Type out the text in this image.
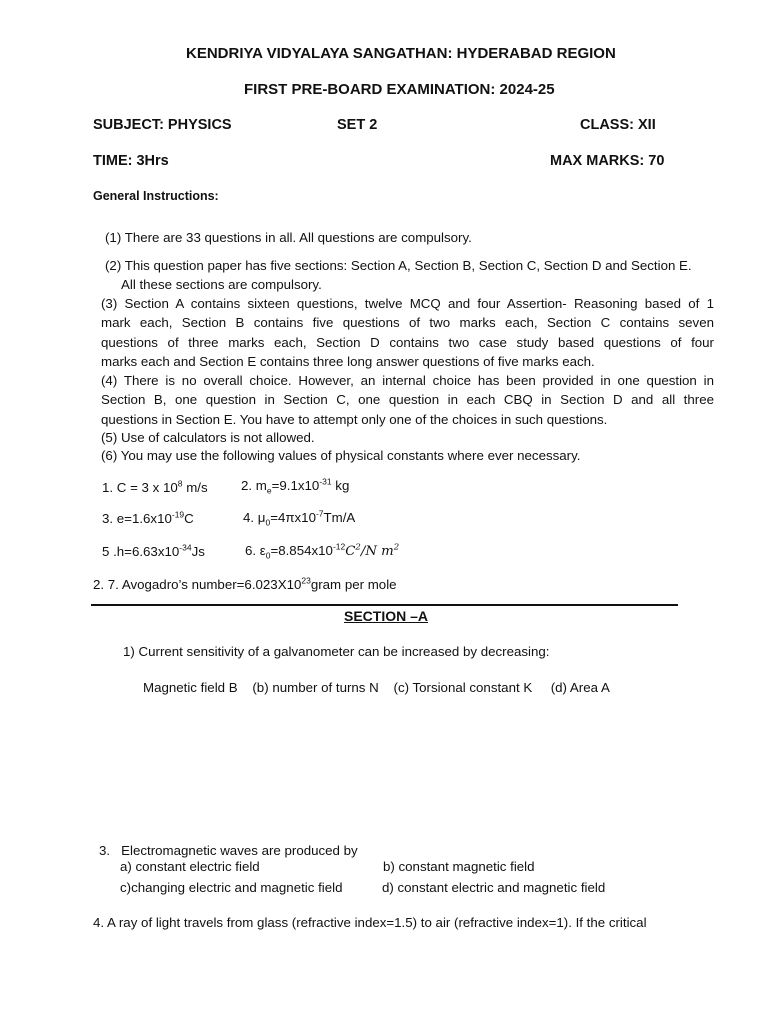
KENDRIYA VIDYALAYA SANGATHAN: HYDERABAD REGION
FIRST PRE-BOARD EXAMINATION: 2024-25
SUBJECT: PHYSICS	SET 2	CLASS: XII
TIME: 3Hrs	MAX MARKS: 70
General Instructions:
(1) There are 33 questions in all. All questions are compulsory.
(2) This question paper has five sections: Section A, Section B, Section C, Section D and Section E.
All these sections are compulsory.
(3) Section A contains sixteen questions, twelve MCQ and four Assertion- Reasoning based of 1
mark each, Section B contains five questions of two marks each, Section C contains seven
questions of three marks each, Section D contains two case study based questions of four
marks each and Section E contains three long answer questions of five marks each.
(4) There is no overall choice. However, an internal choice has been provided in one question in
Section B, one question in Section C, one question in each CBQ in Section D and all three
questions in Section E. You have to attempt only one of the choices in such questions.
(5) Use of calculators is not allowed.
(6) You may use the following values of physical constants where ever necessary.
1. C = 3 x $10^8$ m/s	2. $m_e=9.1x10^{-31}$ kg
3. $e=1.6x10^{-19}C$	4. $\mu_0=4\pi x10^{-7}Tm/A$
5 $.h=6.63x10^{-34}Js$	6. $\varepsilon_0=8.854x10^{-12}C^2/N$ $m^2$
2. 7. Avogadro’s $number=6.023X10^{23}gram$ per mole
SECTION –A
1) Current sensitivity of a galvanometer can be increased by decreasing:
Magnetic field B    (b) number of turns N    (c) Torsional constant K     (d) Area A
3.   Electromagnetic waves are produced by
a) constant electric field	b) constant magnetic field
c)changing electric and magnetic field	d) constant electric and magnetic field
4. A ray of light travels from glass (refractive index=1.5) to air (refractive index=1). If the critical
